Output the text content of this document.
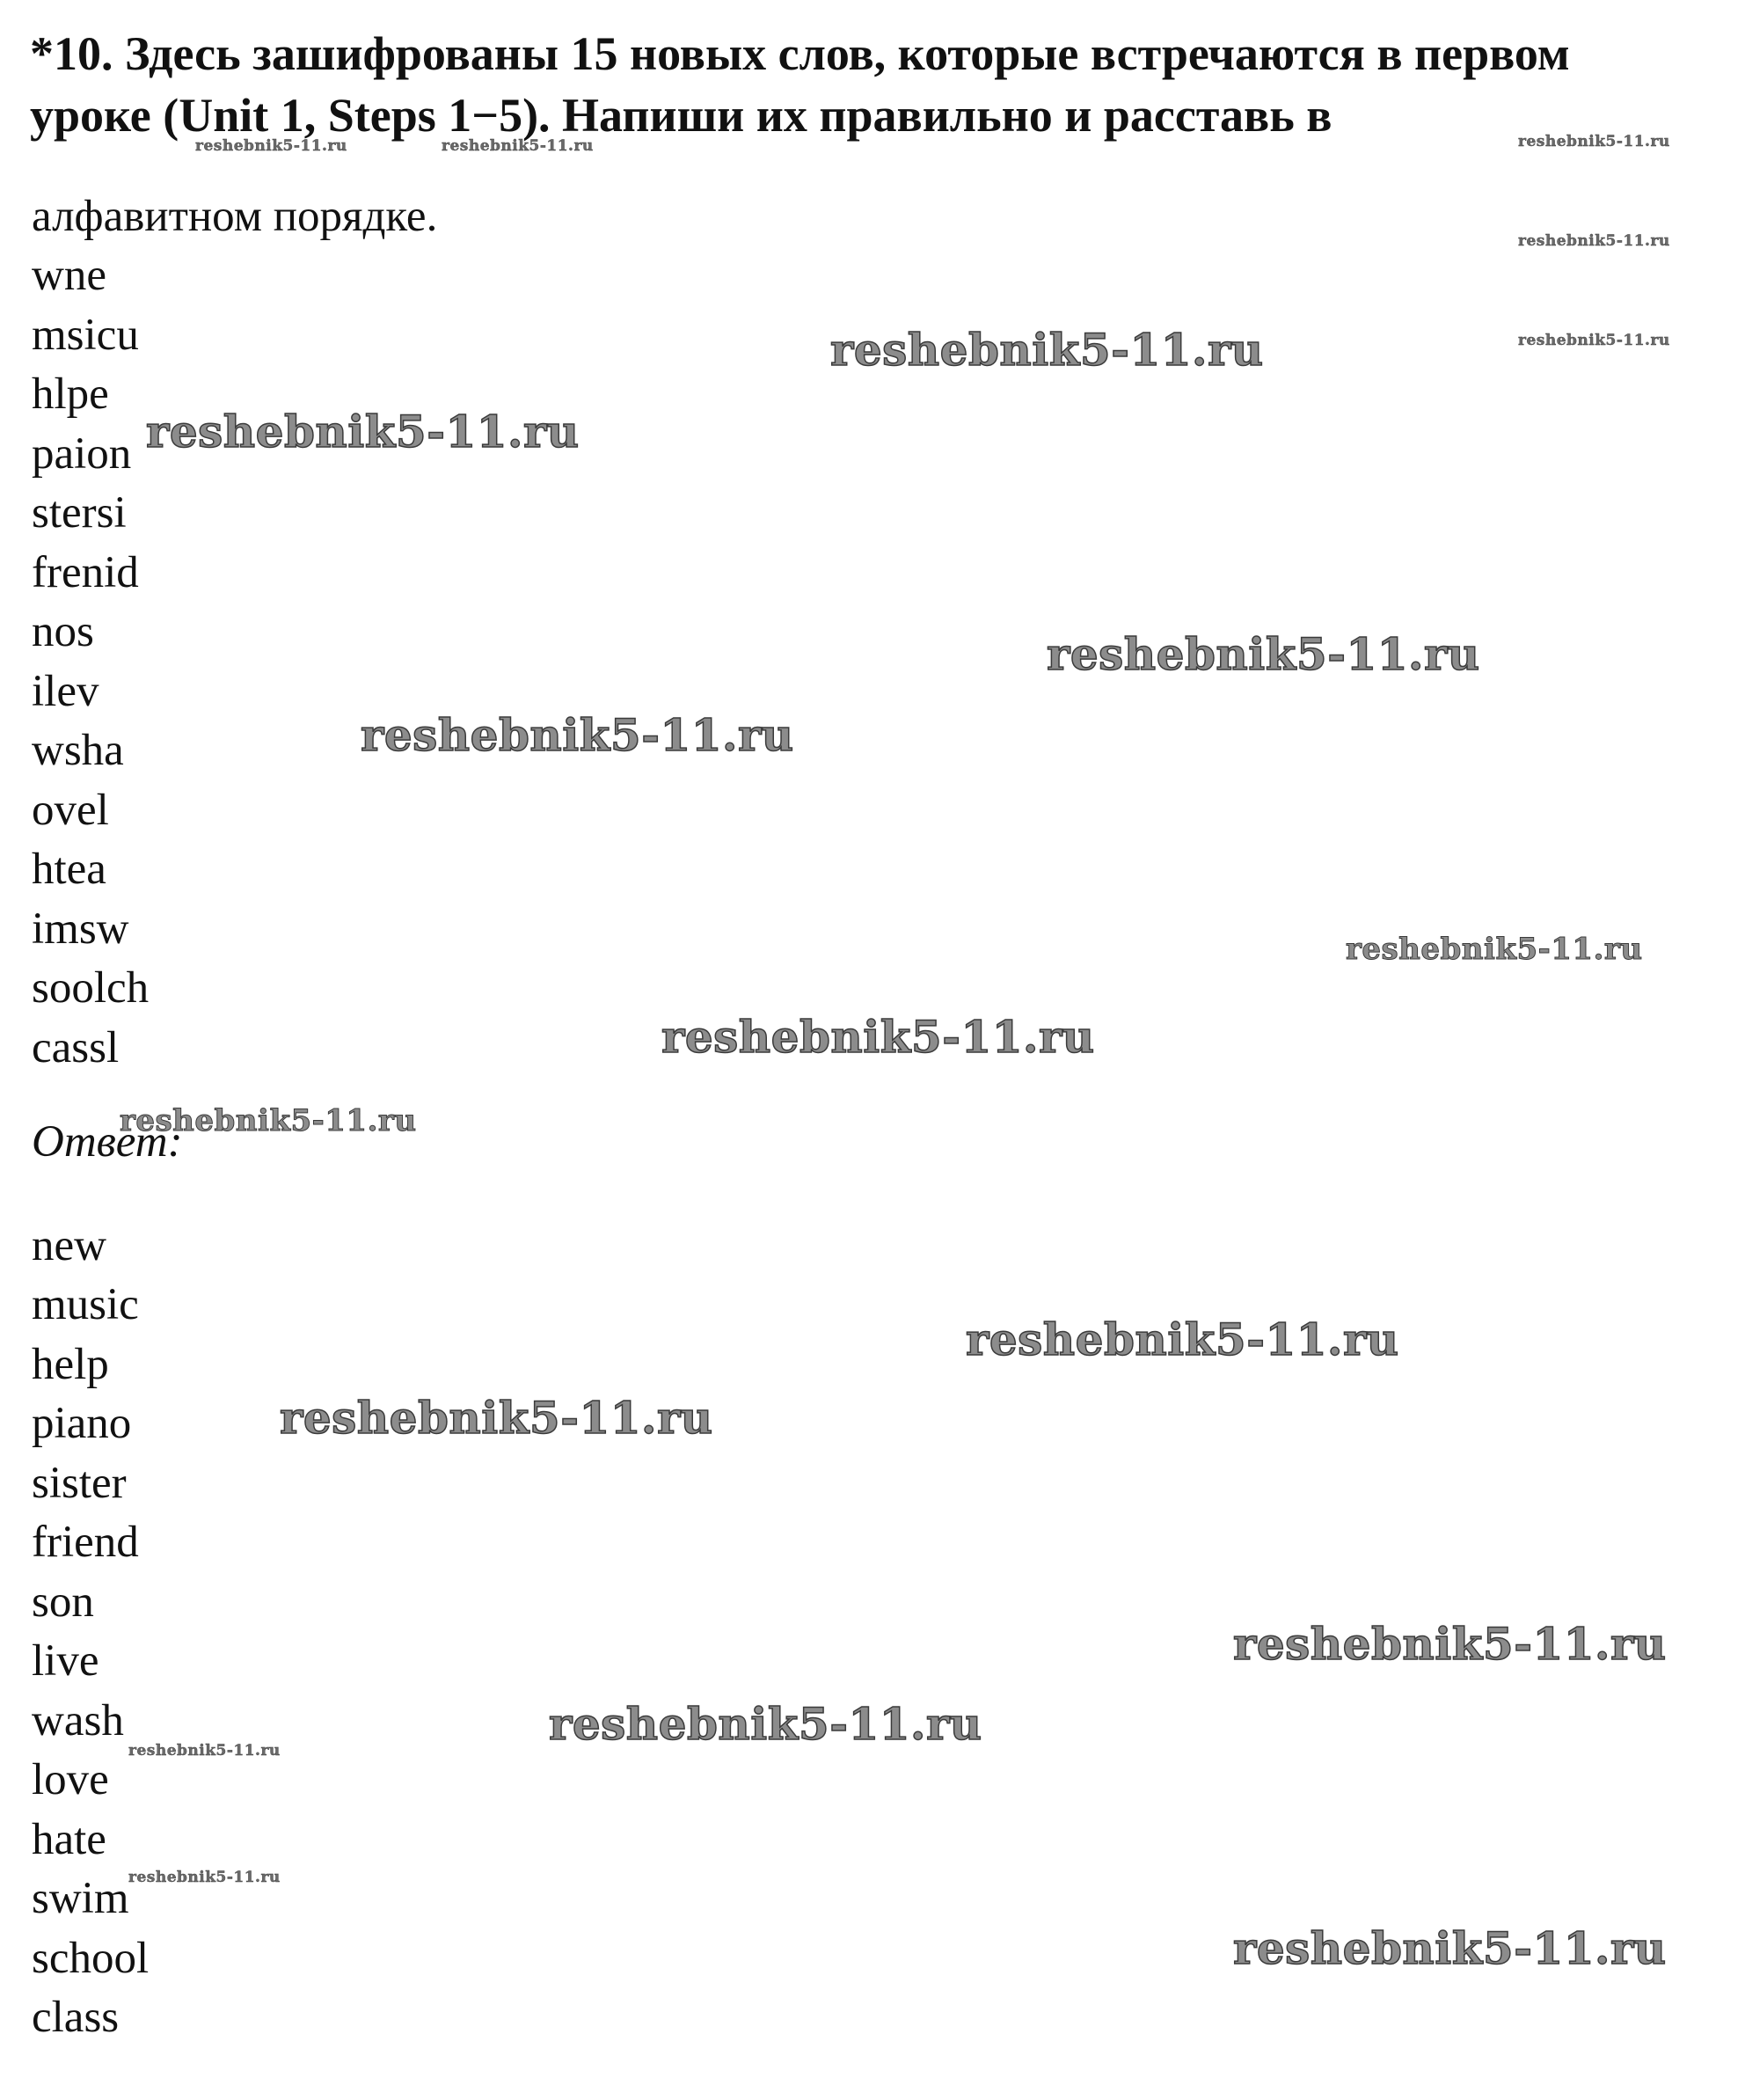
*10. Здесь зашифрованы 15 новых слов, которые встречаются в первом
уроке (Unit 1, Steps 1−5). Напиши их правильно и расставь в

алфавитном порядке.

wne

msicu

hlpe

paion

stersi

frenid

nos

ilev

wsha

ovel

htea

imsw

soolch

cassl

Ответ:

new

music

help

piano

sister

friend

son

live

wash

love

hate

swim

school

class

reshebnik5-11.ru	reshebnik5-11.ru	reshebnik5-11.ru
reshebnik5-11.ru
reshebnik5-11.ru
reshebnik5-11.ru
reshebnik5-11.ru
reshebnik5-11.ru
reshebnik5-11.ru
reshebnik5-11.ru
reshebnik5-11.ru
reshebnik5-11.ru
reshebnik5-11.ru
reshebnik5-11.ru
reshebnik5-11.ru
reshebnik5-11.ru
reshebnik5-11.ru
reshebnik5-11.ru
reshebnik5-11.ru
